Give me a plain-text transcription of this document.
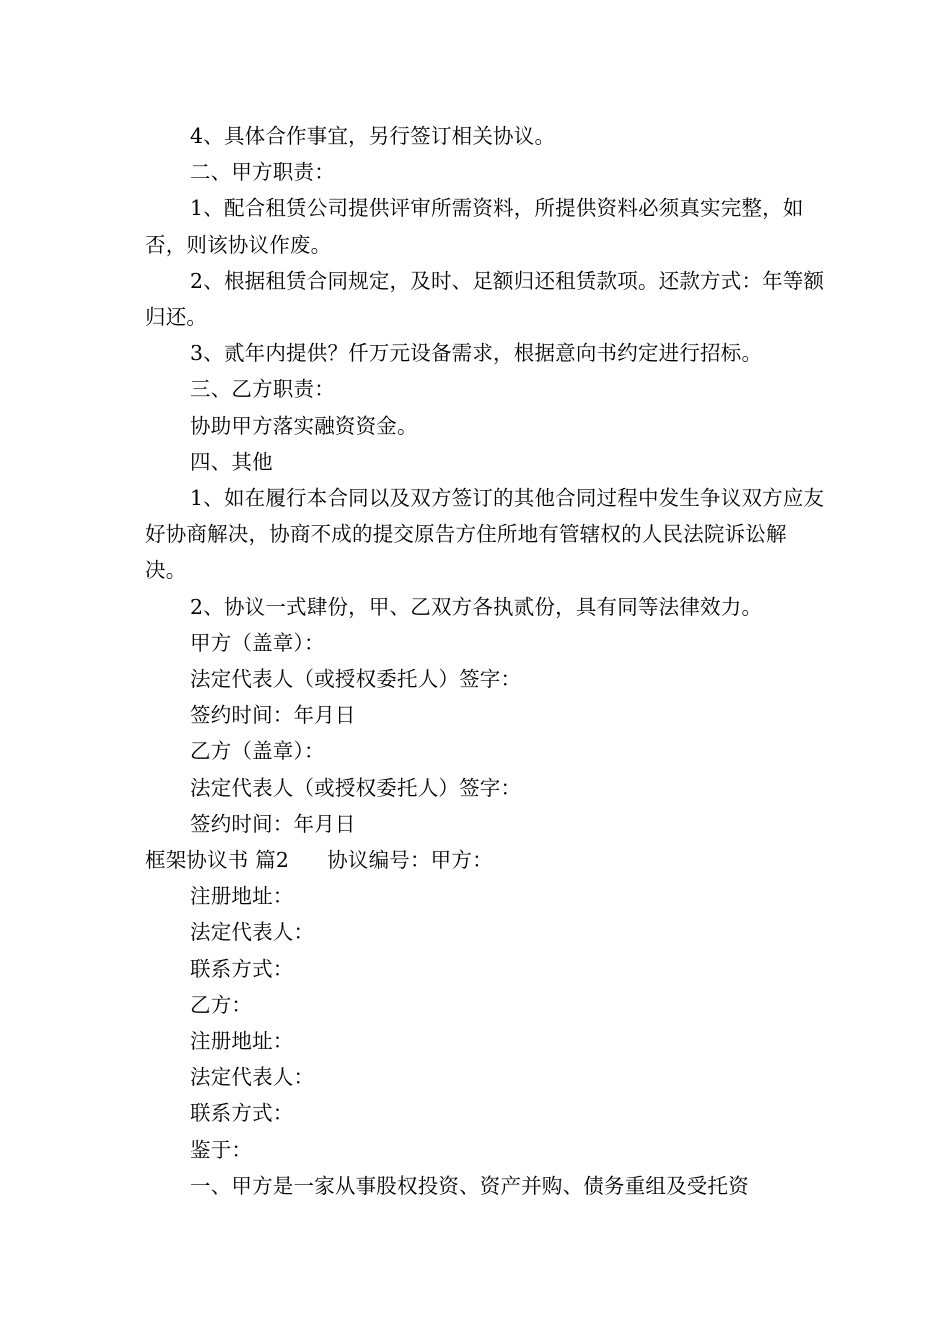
4、具体合作事宜，另行签订相关协议。

二、甲方职责：

1、配合租赁公司提供评审所需资料，所提供资料必须真实完整，如否，则该协议作废。

2、根据租赁合同规定，及时、足额归还租赁款项。还款方式：年等额归还。

3、贰年内提供？仟万元设备需求，根据意向书约定进行招标。

三、乙方职责：

协助甲方落实融资资金。

四、其他

1、如在履行本合同以及双方签订的其他合同过程中发生争议双方应友好协商解决，协商不成的提交原告方住所地有管辖权的人民法院诉讼解决。

2、协议一式肆份，甲、乙双方各执贰份，具有同等法律效力。

甲方（盖章）：

法定代表人（或授权委托人）签字：

签约时间：年月日

乙方（盖章）：

法定代表人（或授权委托人）签字：

签约时间：年月日

框架协议书 篇2 协议编号：甲方：

注册地址：

法定代表人：

联系方式：

乙方：

注册地址：

法定代表人：

联系方式：

鉴于：

一、甲方是一家从事股权投资、资产并购、债务重组及受托资
